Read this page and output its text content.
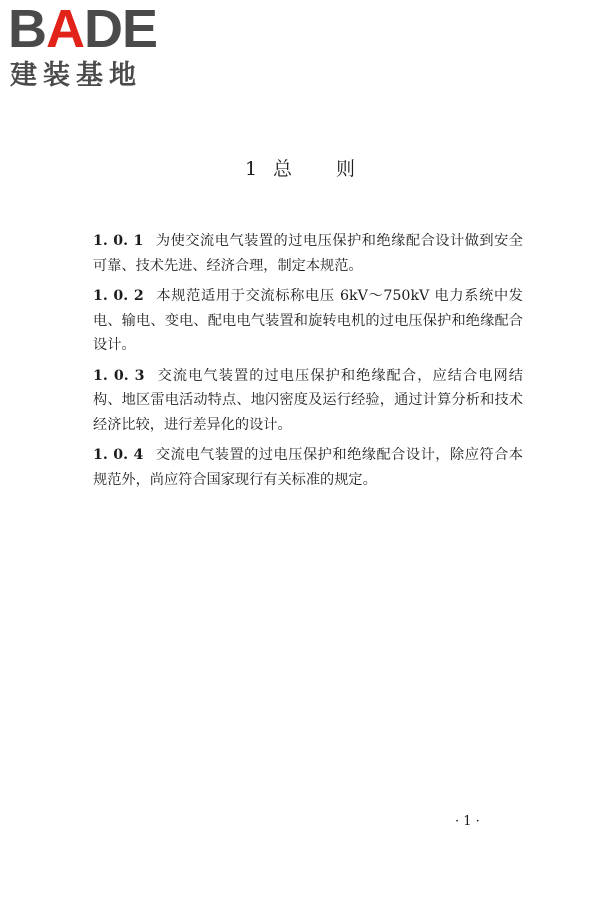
BADE
建装基地
1 总 则

1. 0. 1 为使交流电气装置的过电压保护和绝缘配合设计做到安全可靠、技术先进、经济合理，制定本规范。

1. 0. 2 本规范适用于交流标称电压 6kV～750kV 电力系统中发电、输电、变电、配电电气装置和旋转电机的过电压保护和绝缘配合设计。

1. 0. 3 交流电气装置的过电压保护和绝缘配合，应结合电网结构、地区雷电活动特点、地闪密度及运行经验，通过计算分析和技术经济比较，进行差异化的设计。

1. 0. 4 交流电气装置的过电压保护和绝缘配合设计，除应符合本规范外，尚应符合国家现行有关标准的规定。

· 1 ·
